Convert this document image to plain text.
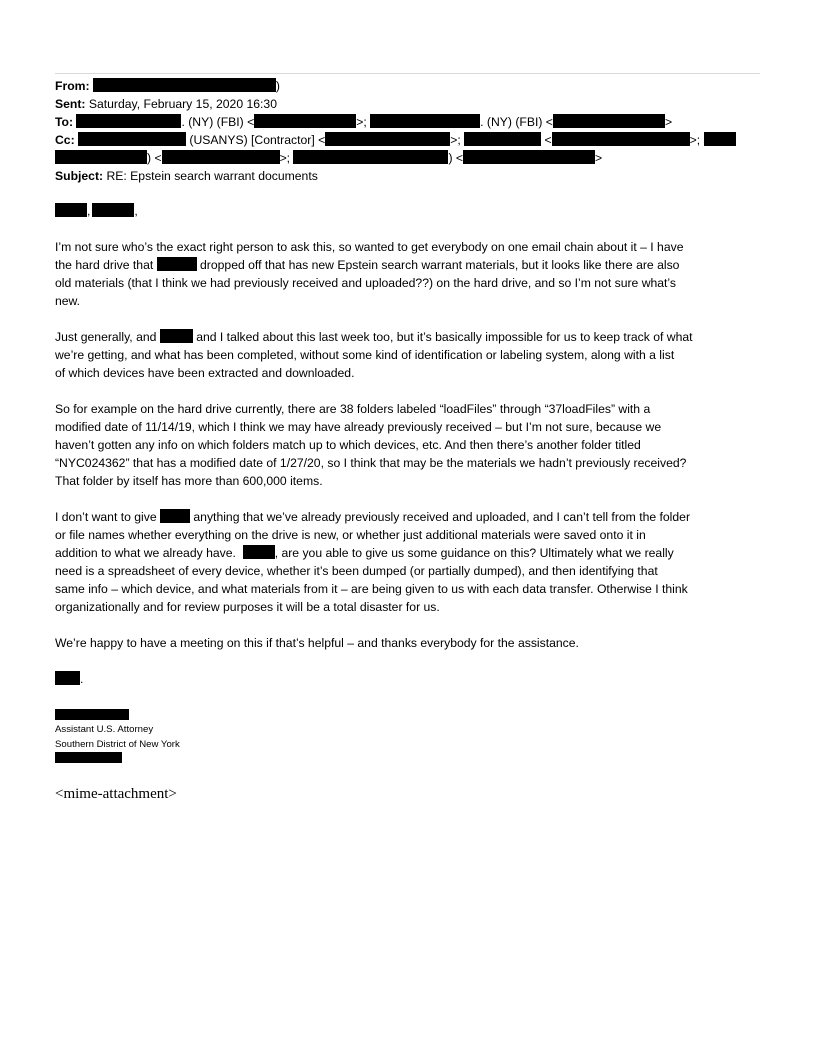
From:	)
Sent: Saturday, February 15, 2020 16:30
To:	. (NY) (FBI) <	>;	. (NY) (FBI) <	>
Cc:	(USANYS) [Contractor] <	>;	<	>;
) <	>;	) <	>
Subject: RE: Epstein search warrant documents
,	,
I’m not sure who’s the exact right person to ask this, so wanted to get everybody on one email chain about it – I have
the hard drive that	dropped off that has new Epstein search warrant materials, but it looks like there are also
old materials (that I think we had previously received and uploaded??) on the hard drive, and so I’m not sure what’s
new.
Just generally, and	and I talked about this last week too, but it’s basically impossible for us to keep track of what
we’re getting, and what has been completed, without some kind of identification or labeling system, along with a list
of which devices have been extracted and downloaded.
So for example on the hard drive currently, there are 38 folders labeled “loadFiles” through “37loadFiles” with a
modified date of 11/14/19, which I think we may have already previously received – but I’m not sure, because we
haven’t gotten any info on which folders match up to which devices, etc. And then there’s another folder titled
“NYC024362” that has a modified date of 1/27/20, so I think that may be the materials we hadn’t previously received?
That folder by itself has more than 600,000 items.
I don’t want to give	anything that we’ve already previously received and uploaded, and I can’t tell from the folder
or file names whether everything on the drive is new, or whether just additional materials were saved onto it in
addition to what we already have.	, are you able to give us some guidance on this? Ultimately what we really
need is a spreadsheet of every device, whether it’s been dumped (or partially dumped), and then identifying that
same info – which device, and what materials from it – are being given to us with each data transfer. Otherwise I think
organizationally and for review purposes it will be a total disaster for us.
We’re happy to have a meeting on this if that’s helpful – and thanks everybody for the assistance.
.
Assistant U.S. Attorney
Southern District of New York
<mime-attachment>
